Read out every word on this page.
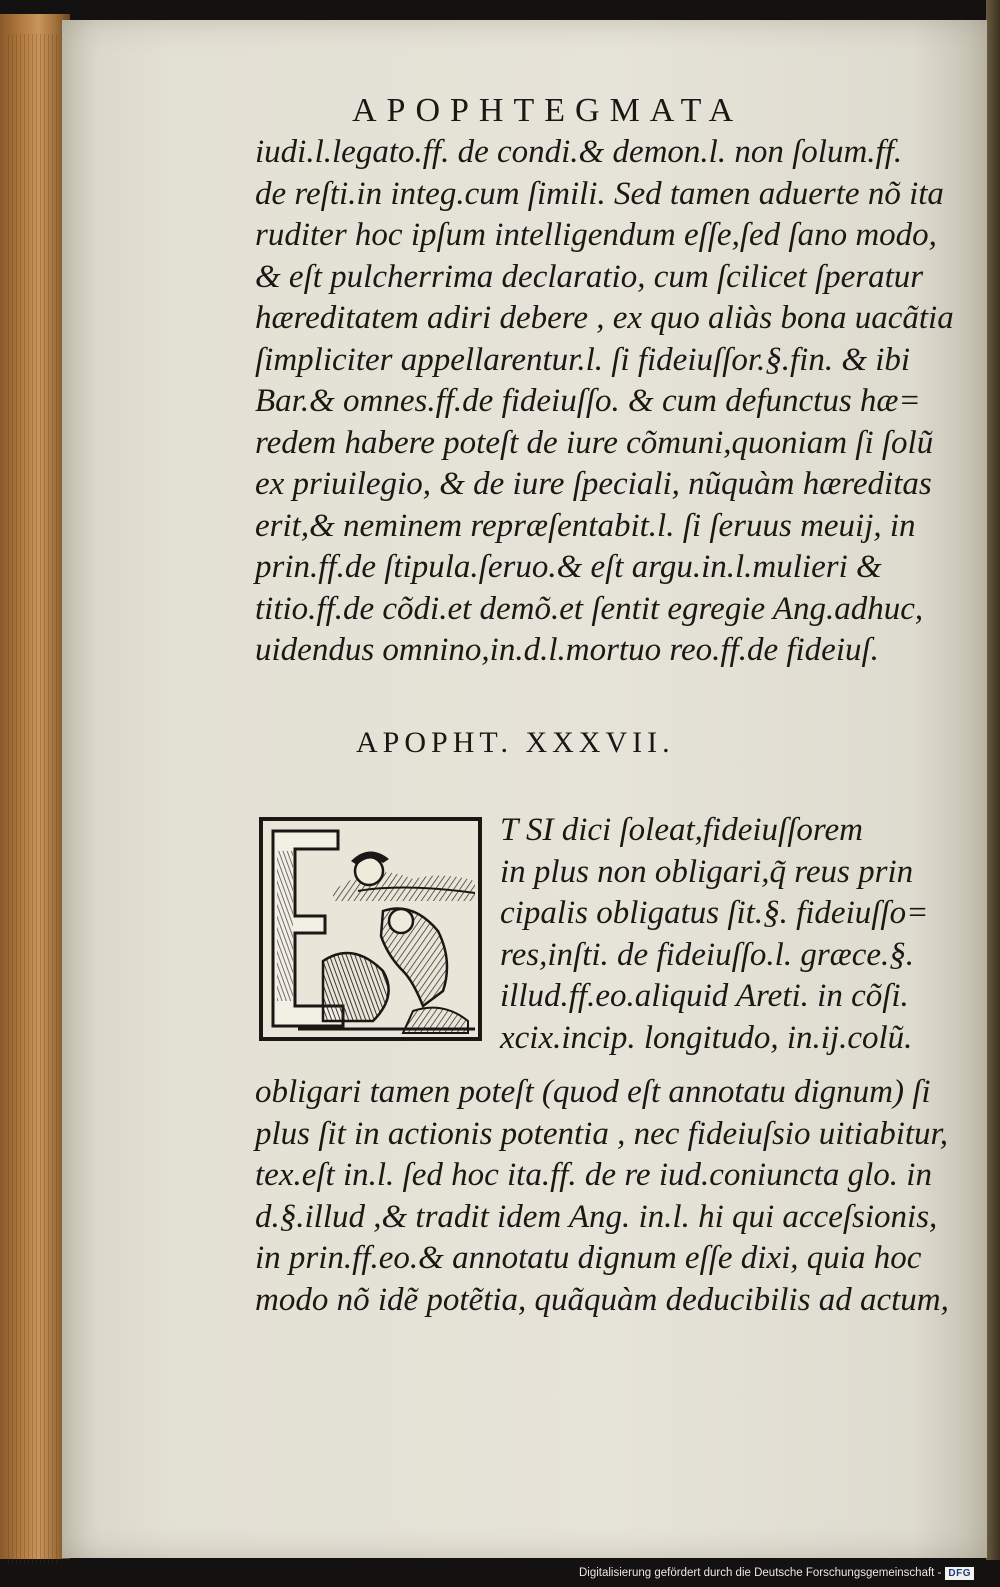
APOPHTEGMATA
iudi.l.legato.ff. de condi.& demon.l. non ſolum.ff.
de reſti.in integ.cum ſimili. Sed tamen aduerte nõ ita
ruditer hoc ipſum intelligendum eſſe,ſed ſano modo,
& eſt pulcherrima declaratio, cum ſcilicet ſperatur
hæreditatem adiri debere , ex quo aliàs bona uacãtia
ſimpliciter appellarentur.l. ſi fideiuſſor.§.fin. & ibi
Bar.& omnes.ff.de fideiuſſo. & cum defunctus hæ=
redem habere poteſt de iure cõmuni,quoniam ſi ſolũ
ex priuilegio, & de iure ſpeciali, nũquàm hæreditas
erit,& neminem repræſentabit.l. ſi ſeruus meuij, in
prin.ff.de ſtipula.ſeruo.& eſt argu.in.l.mulieri &
titio.ff.de cõdi.et demõ.et ſentit egregie Ang.adhuc,
uidendus omnino,in.d.l.mortuo reo.ff.de fideiuſ.
APOPHT. XXXVII.
T SI dici ſoleat,fideiuſſorem
in plus non obligari,q̃ reus prin
cipalis obligatus ſit.§. fideiuſſo=
res,inſti. de fideiuſſo.l. græce.§.
illud.ff.eo.aliquid Areti. in cõſi.
xcix.incip. longitudo, in.ij.colũ.
obligari tamen poteſt (quod eſt annotatu dignum) ſi
plus ſit in actionis potentia , nec fideiuſsio uitiabitur,
tex.eſt in.l. ſed hoc ita.ff. de re iud.coniuncta glo. in
d.§.illud ,& tradit idem Ang. in.l. hi qui acceſsionis,
in prin.ff.eo.& annotatu dignum eſſe dixi, quia hoc
modo nõ idẽ potẽtia, quãquàm deducibilis ad actum,
Digitalisierung gefördert durch die Deutsche Forschungsgemeinschaft - DFG
